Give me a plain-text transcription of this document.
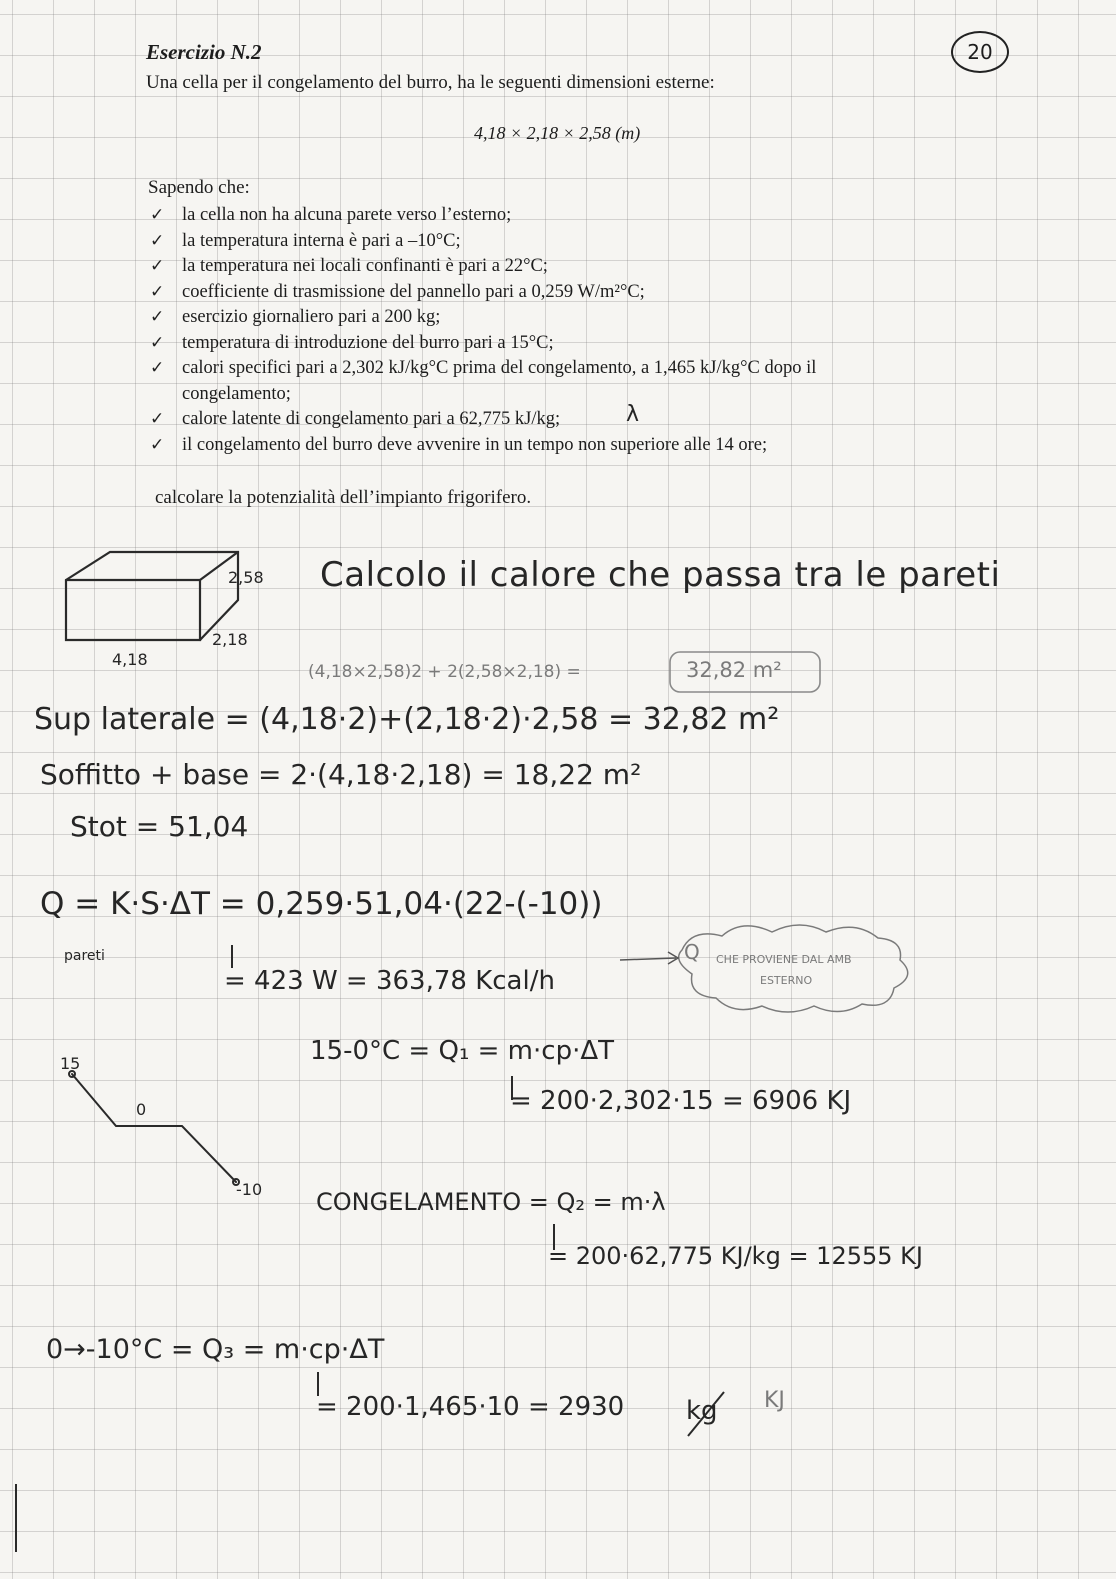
20
Esercizio N.2
Una cella per il congelamento del burro, ha le seguenti dimensioni esterne:
4,18 × 2,18 × 2,58 (m)
Sapendo che:
✓ la cella non ha alcuna parete verso l’esterno;
✓ la temperatura interna è pari a –10°C;
✓ la temperatura nei locali confinanti è pari a 22°C;
✓ coefficiente di trasmissione del pannello pari a 0,259 W/m²°C;
✓ esercizio giornaliero pari a 200 kg;
✓ temperatura di introduzione del burro pari a 15°C;
✓ calori specifici pari a 2,302 kJ/kg°C prima del congelamento, a 1,465 kJ/kg°C dopo il congelamento;
✓ calore latente di congelamento pari a 62,775 kJ/kg;
✓ il congelamento del burro deve avvenire in un tempo non superiore alle 14 ore;
calcolare la potenzialità dell’impianto frigorifero.
2,58
2,18
4,18
Calcolo il calore che passa tra le pareti
(4,18×2,58)2 + 2(2,58×2,18) =	32,82 m²
Sup laterale = (4,18·2)+(2,18·2)·2,58 = 32,82 m²
Soffitto + base = 2·(4,18·2,18) = 18,22 m²
Stot = 51,04
Q = K·S·ΔT = 0,259·51,04·(22-(-10))
pareti
= 423 W = 363,78 Kcal/h
Q CHE PROVIENE DAL AMB
ESTERNO
15
0
-10
15-0°C = Q₁ = m·cp·ΔT
= 200·2,302·15 = 6906 KJ
CONGELAMENTO = Q₂ = m·λ
= 200·62,775 KJ/kg = 12555 KJ
0→-10°C = Q₃ = m·cp·ΔT
= 200·1,465·10 = 2930 kg KJ
λ
